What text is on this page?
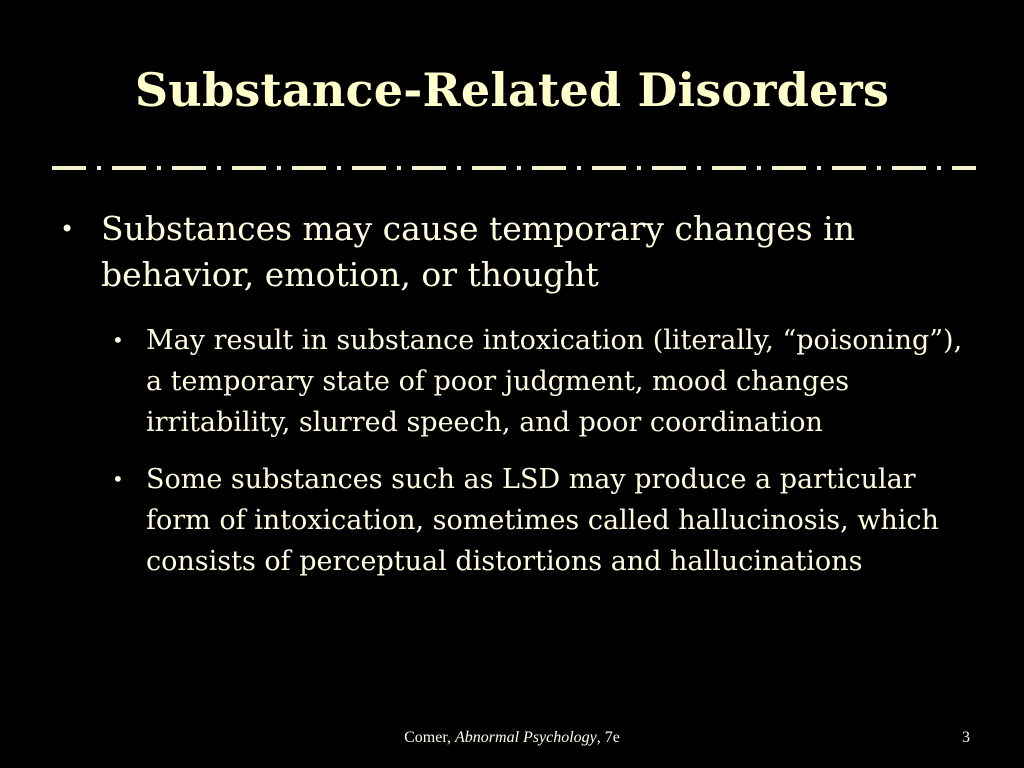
Substance-Related Disorders
• Substances may cause temporary changes in behavior, emotion, or thought
• May result in substance intoxication (literally, “poisoning”), a temporary state of poor judgment, mood changes irritability, slurred speech, and poor coordination
• Some substances such as LSD may produce a particular form of intoxication, sometimes called hallucinosis, which consists of perceptual distortions and hallucinations
Comer, Abnormal Psychology, 7e	3
